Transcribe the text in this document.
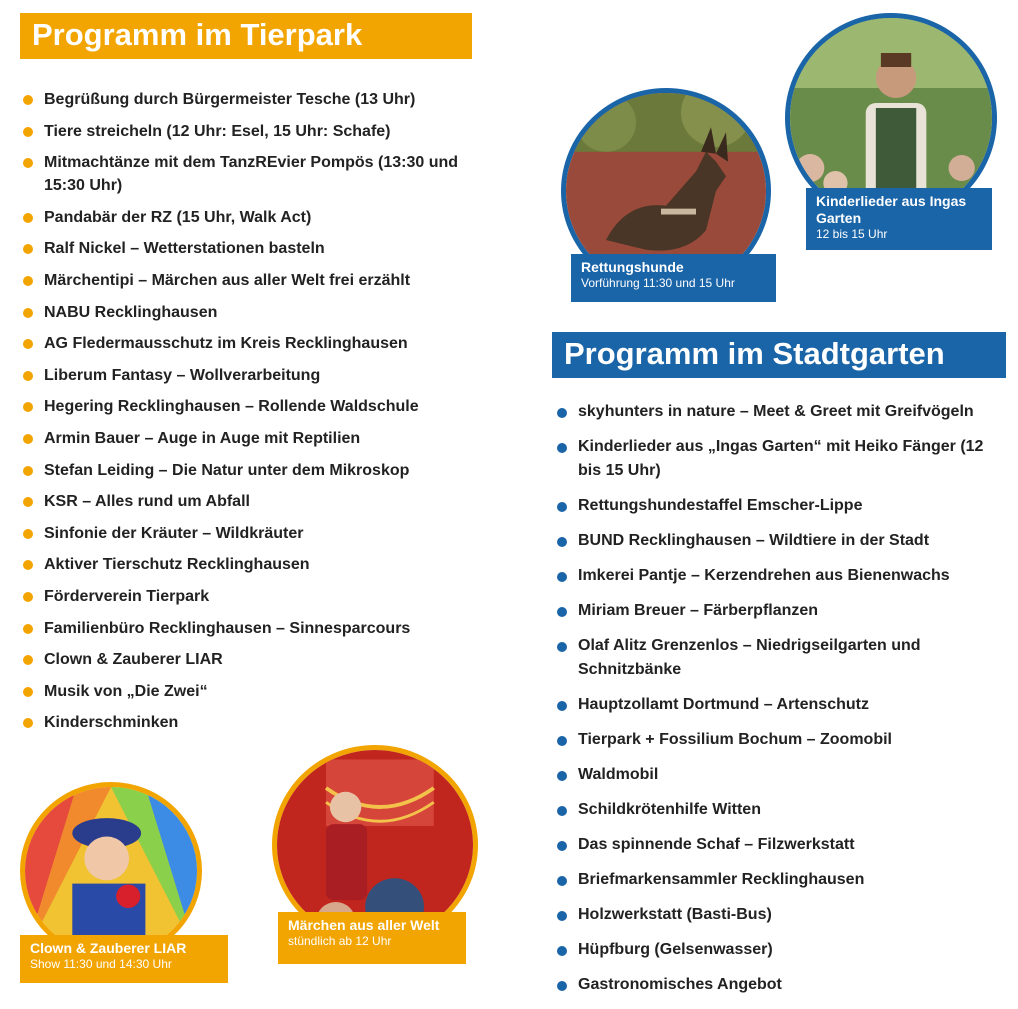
Programm im Tierpark
Begrüßung durch Bürgermeister Tesche (13 Uhr)
Tiere streicheln (12 Uhr: Esel, 15 Uhr: Schafe)
Mitmachtänze mit dem TanzREvier Pompös (13:30 und 15:30 Uhr)
Pandabär der RZ (15 Uhr, Walk Act)
Ralf Nickel – Wetterstationen basteln
Märchentipi – Märchen aus aller Welt frei erzählt
NABU Recklinghausen
AG Fledermausschutz im Kreis Recklinghausen
Liberum Fantasy – Wollverarbeitung
Hegering Recklinghausen – Rollende Waldschule
Armin Bauer – Auge in Auge mit Reptilien
Stefan Leiding – Die Natur unter dem Mikroskop
KSR – Alles rund um Abfall
Sinfonie der Kräuter – Wildkräuter
Aktiver Tierschutz Recklinghausen
Förderverein Tierpark
Familienbüro Recklinghausen – Sinnesparcours
Clown & Zauberer LIAR
Musik von „Die Zwei“
Kinderschminken
Rettungshunde
Vorführung 11:30 und 15 Uhr
Kinderlieder aus Ingas Garten
12 bis 15 Uhr
Programm im Stadtgarten
skyhunters in nature – Meet & Greet mit Greifvögeln
Kinderlieder aus „Ingas Garten“ mit Heiko Fänger (12 bis 15 Uhr)
Rettungshundestaffel Emscher-Lippe
BUND Recklinghausen – Wildtiere in der Stadt
Imkerei Pantje – Kerzendrehen aus Bienenwachs
Miriam Breuer – Färberpflanzen
Olaf Alitz Grenzenlos – Niedrigseilgarten und Schnitzbänke
Hauptzollamt Dortmund – Artenschutz
Tierpark + Fossilium Bochum – Zoomobil
Waldmobil
Schildkrötenhilfe Witten
Das spinnende Schaf – Filzwerkstatt
Briefmarkensammler Recklinghausen
Holzwerkstatt (Basti-Bus)
Hüpfburg (Gelsenwasser)
Gastronomisches Angebot
Clown & Zauberer LIAR
Show 11:30 und 14:30 Uhr
Märchen aus aller Welt
stündlich ab 12 Uhr
